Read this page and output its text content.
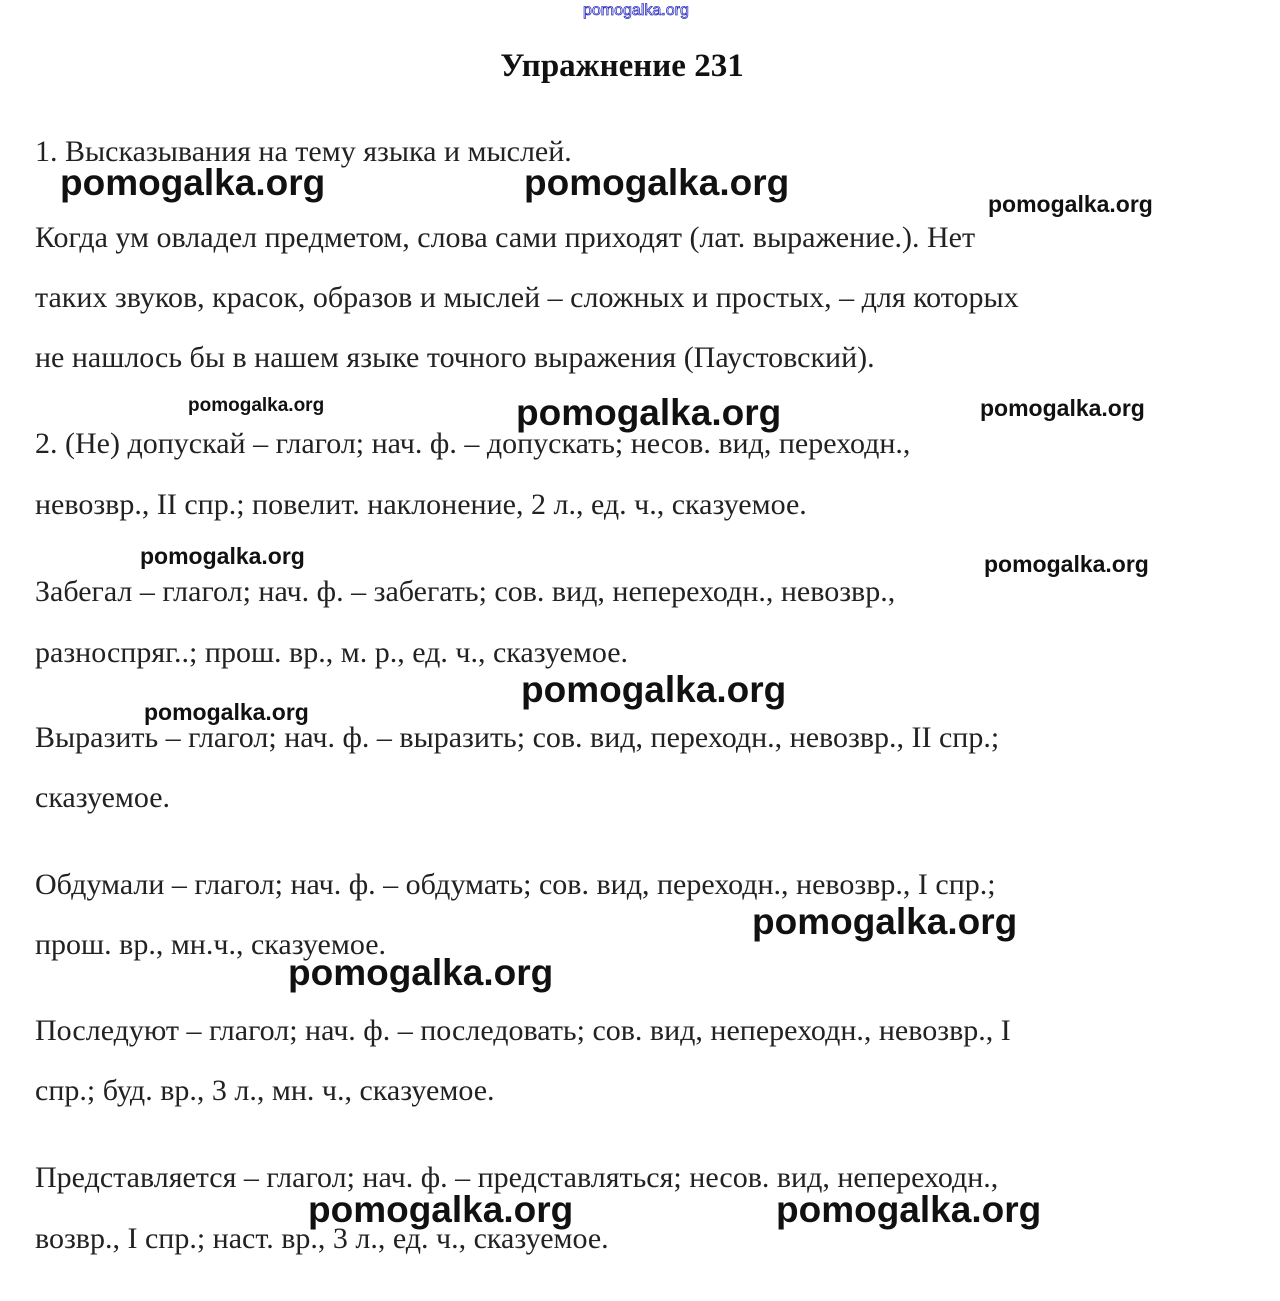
pomogalka.org
Упражнение 231
1. Высказывания на тему языка и мыслей.
Когда ум овладел предметом, слова сами приходят (лат. выражение.). Нет
таких звуков, красок, образов и мыслей – сложных и простых, – для которых
не нашлось бы в нашем языке точного выражения (Паустовский).
2. (Не) допускай – глагол; нач. ф. – допускать; несов. вид, переходн.,
невозвр., II спр.; повелит. наклонение, 2 л., ед. ч., сказуемое.
Забегал – глагол; нач. ф. – забегать; сов. вид, непереходн., невозвр.,
разноспряг..; прош. вр., м. р., ед. ч., сказуемое.
Выразить – глагол; нач. ф. – выразить; сов. вид, переходн., невозвр., II спр.;
сказуемое.
Обдумали – глагол; нач. ф. – обдумать; сов. вид, переходн., невозвр., I спр.;
прош. вр., мн.ч., сказуемое.
Последуют – глагол; нач. ф. – последовать; сов. вид, непереходн., невозвр., I
спр.; буд. вр., 3 л., мн. ч., сказуемое.
Представляется – глагол; нач. ф. – представляться; несов. вид, непереходн.,
возвр., I спр.; наст. вр., 3 л., ед. ч., сказуемое.
pomogalka.org	pomogalka.org
pomogalka.org
pomogalka.org	pomogalka.org	pomogalka.org
pomogalka.org	pomogalka.org
pomogalka.org
pomogalka.org
pomogalka.org
pomogalka.org
pomogalka.org	pomogalka.org
